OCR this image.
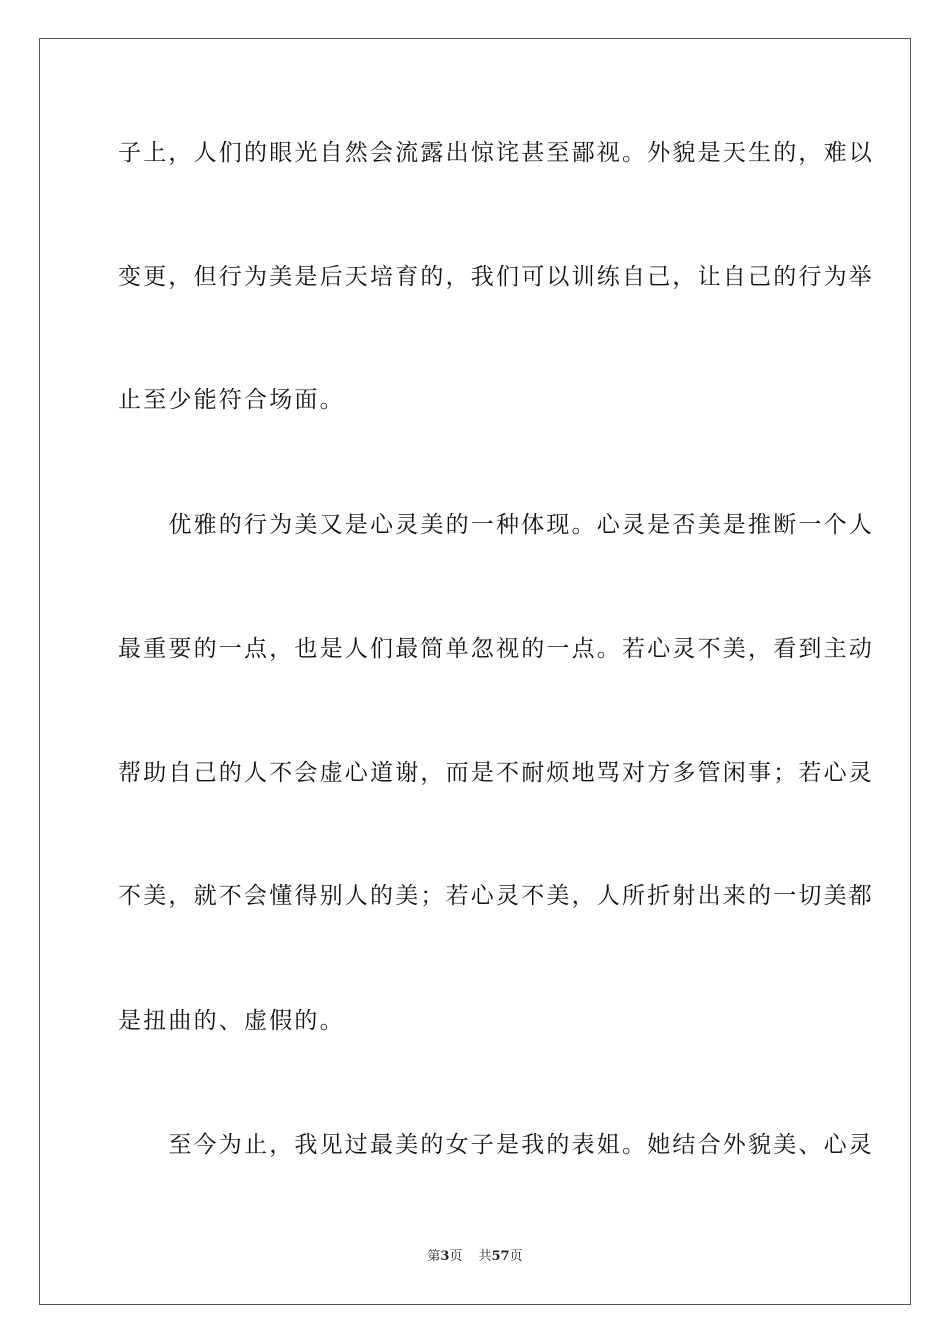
子上，人们的眼光自然会流露出惊诧甚至鄙视。外貌是天生的，难以
变更，但行为美是后天培育的，我们可以训练自己，让自己的行为举
止至少能符合场面。
　　优雅的行为美又是心灵美的一种体现。心灵是否美是推断一个人
最重要的一点，也是人们最简单忽视的一点。若心灵不美，看到主动
帮助自己的人不会虚心道谢，而是不耐烦地骂对方多管闲事；若心灵
不美，就不会懂得别人的美；若心灵不美，人所折射出来的一切美都
是扭曲的、虚假的。
　　至今为止，我见过最美的女子是我的表姐。她结合外貌美、心灵
第3页 共57页
